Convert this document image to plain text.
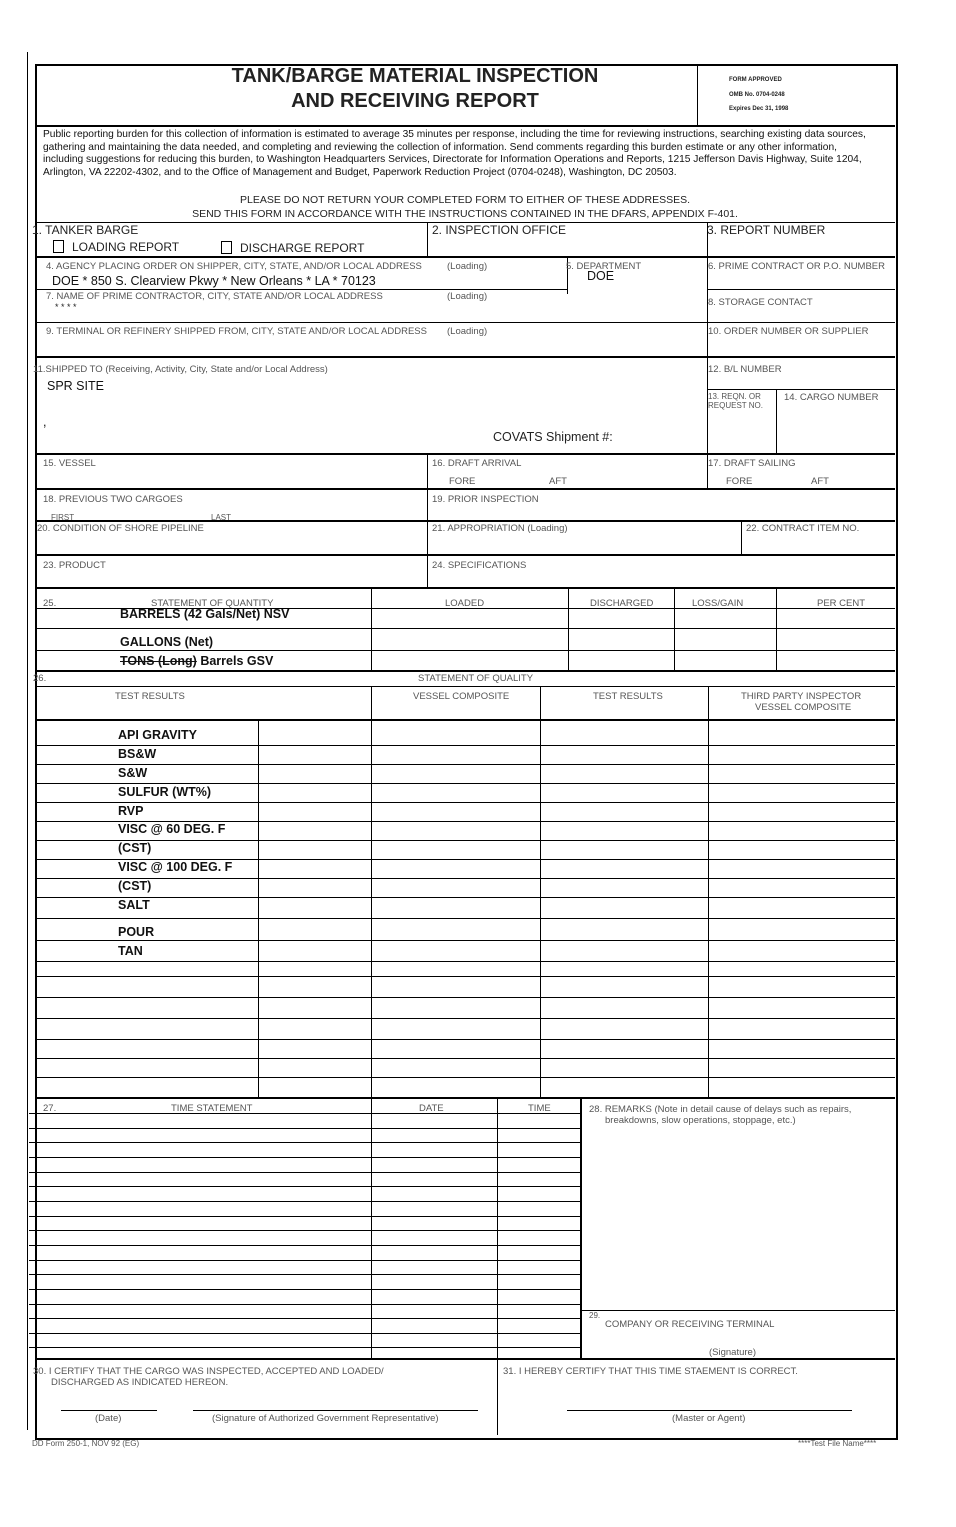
TANK/BARGE MATERIAL INSPECTION
AND RECEIVING REPORT
FORM APPROVED
OMB No. 0704-0248
Expires Dec 31, 1998
Public reporting burden for this collection of information is estimated to average 35 minutes per response, including the time for reviewing instructions, searching existing data sources, gathering and maintaining the data needed, and completing and reviewing the collection of information. Send comments regarding this burden estimate or any other information, including suggestions for reducing this burden, to Washington Headquarters Services, Directorate for Information Operations and Reports, 1215 Jefferson Davis Highway, Suite 1204, Arlington, VA 22202-4302, and to the Office of Management and Budget, Paperwork Reduction Project (0704-0248), Washington, DC 20503.
PLEASE DO NOT RETURN YOUR COMPLETED FORM TO EITHER OF THESE ADDRESSES.
SEND THIS FORM IN ACCORDANCE WITH THE INSTRUCTIONS CONTAINED IN THE DFARS, APPENDIX F-401.
1. TANKER BARGE
LOADING REPORT	DISCHARGE REPORT
2. INSPECTION OFFICE	3. REPORT NUMBER
4. AGENCY PLACING ORDER ON SHIPPER, CITY, STATE, AND/OR LOCAL ADDRESS	(Loading)
DOE * 850 S. Clearview Pkwy * New Orleans * LA * 70123
5. DEPARTMENT
DOE
6. PRIME CONTRACT OR P.O. NUMBER
7. NAME OF PRIME CONTRACTOR, CITY, STATE AND/OR LOCAL ADDRESS	(Loading)
* * * *	8. STORAGE CONTACT
9. TERMINAL OR REFINERY SHIPPED FROM, CITY, STATE AND/OR LOCAL ADDRESS (Loading)	10. ORDER NUMBER OR SUPPLIER
11.SHIPPED TO (Receiving, Activity, City, State and/or Local Address)
SPR SITE
,
COVATS Shipment #:
12. B/L NUMBER
13. REQN. OR
REQUEST NO.
14. CARGO NUMBER
15. VESSEL	16. DRAFT ARRIVAL
FORE	AFT
17. DRAFT SAILING
FORE	AFT
18. PREVIOUS TWO CARGOES
FIRST	LAST
19. PRIOR INSPECTION
20. CONDITION OF SHORE PIPELINE	21. APPROPRIATION (Loading)	22. CONTRACT ITEM NO.
23. PRODUCT	24. SPECIFICATIONS
25.	STATEMENT OF QUANTITY	LOADED	DISCHARGED	LOSS/GAIN	PER CENT
BARRELS (42 Gals/Net) NSV
GALLONS (Net)
TONS (Long) Barrels GSV
26.	STATEMENT OF QUALITY
TEST RESULTS	VESSEL COMPOSITE	TEST RESULTS	THIRD PARTY INSPECTOR
VESSEL COMPOSITE
API GRAVITY
BS&W
S&W
SULFUR (WT%)
RVP
VISC @ 60 DEG. F
(CST)
VISC @ 100 DEG. F
(CST)
SALT
POUR
TAN
27.	TIME STATEMENT	DATE	TIME	28. REMARKS (Note in detail cause of delays such as repairs,
breakdowns, slow operations, stoppage, etc.)
29.
COMPANY OR RECEIVING TERMINAL
(Signature)
30. I CERTIFY THAT THE CARGO WAS INSPECTED, ACCEPTED AND LOADED/
DISCHARGED AS INDICATED HEREON.
(Date)	(Signature of Authorized Government Representative)
31. I HEREBY CERTIFY THAT THIS TIME STAEMENT IS CORRECT.
(Master or Agent)
DD Form 250-1, NOV 92 (EG)	****Test File Name****
